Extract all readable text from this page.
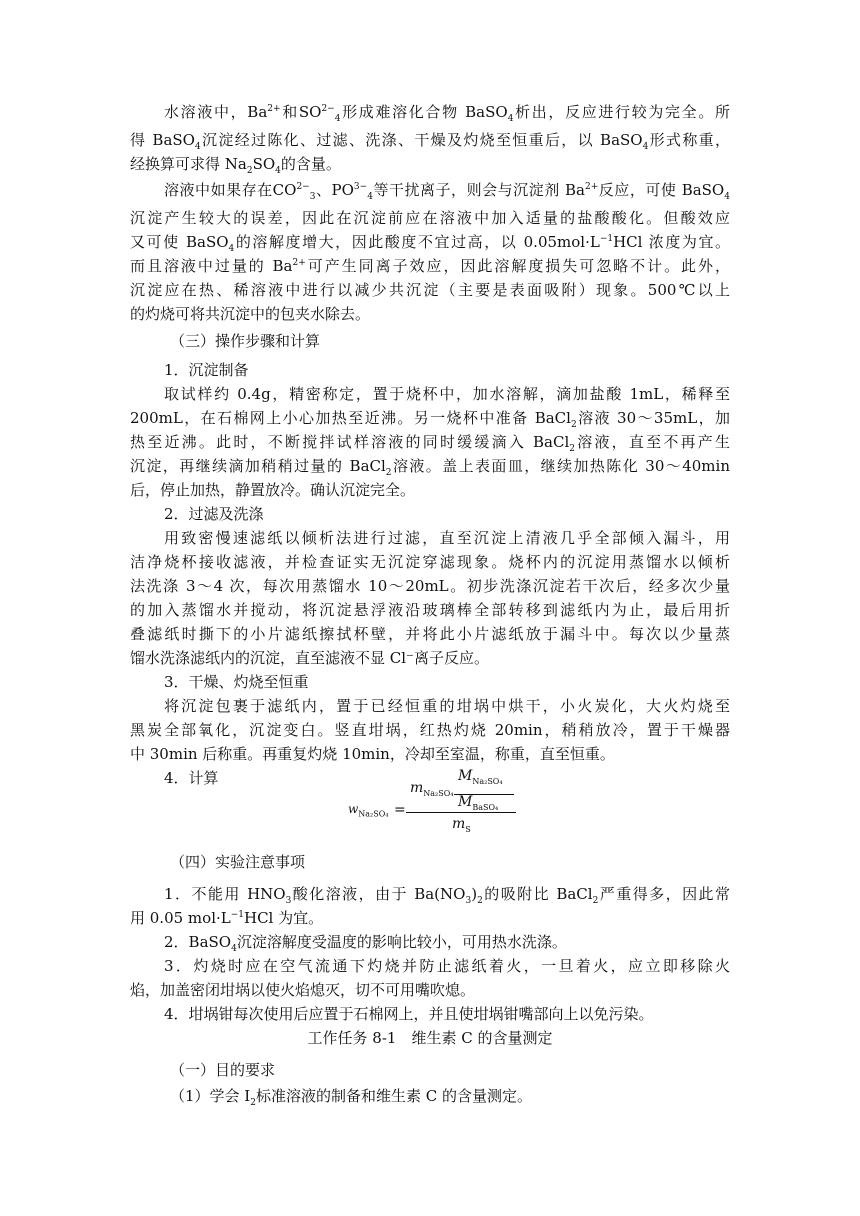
水溶液中，$Ba^{2+}$和$SO^{2-}_4$形成难溶化合物 BaSO$_4$析出，反应进行较为完全。所
得 BaSO$_4$沉淀经过陈化、过滤、洗涤、干燥及灼烧至恒重后，以 BaSO$_4$形式称重，
经换算可求得 $Na_2SO_4$的含量。
溶液中如果存在$CO^{2-}_3$、$PO^{3-}_4$等干扰离子，则会与沉淀剂 $Ba^{2+}$反应，可使 BaSO$_4$
沉淀产生较大的误差，因此在沉淀前应在溶液中加入适量的盐酸酸化。但酸效应
又可使 BaSO$_4$的溶解度增大，因此酸度不宜过高，以 $0.05mol\cdot L^{-1}HCl$ 浓度为宜。
而且溶液中过量的 $Ba^{2+}$可产生同离子效应，因此溶解度损失可忽略不计。此外，
沉淀应在热、稀溶液中进行以减少共沉淀（主要是表面吸附）现象。500℃以上
的灼烧可将共沉淀中的包夹水除去。
（三）操作步骤和计算
1．沉淀制备
取试样约 0.4g，精密称定，置于烧杯中，加水溶解，滴加盐酸 1mL，稀释至
200mL，在石棉网上小心加热至近沸。另一烧杯中准备 BaCl$_2$溶液 30～35mL，加
热至近沸。此时，不断搅拌试样溶液的同时缓缓滴入 BaCl$_2$溶液，直至不再产生
沉淀，再继续滴加稍稍过量的 BaCl$_2$溶液。盖上表面皿，继续加热陈化 30～40min
后，停止加热，静置放冷。确认沉淀完全。
2．过滤及洗涤
用致密慢速滤纸以倾析法进行过滤，直至沉淀上清液几乎全部倾入漏斗，用
洁净烧杯接收滤液，并检查证实无沉淀穿滤现象。烧杯内的沉淀用蒸馏水以倾析
法洗涤 3～4 次，每次用蒸馏水 10～20mL。初步洗涤沉淀若干次后，经多次少量
的加入蒸馏水并搅动，将沉淀悬浮液沿玻璃棒全部转移到滤纸内为止，最后用折
叠滤纸时撕下的小片滤纸擦拭杯壁，并将此小片滤纸放于漏斗中。每次以少量蒸
馏水洗涤滤纸内的沉淀，直至滤液不显 Cl⁻离子反应。
3．干燥、灼烧至恒重
将沉淀包裹于滤纸内，置于已经恒重的坩埚中烘干，小火炭化，大火灼烧至
黑炭全部氧化，沉淀变白。竖直坩埚，红热灼烧 20min，稍稍放冷，置于干燥器
中 30min 后称重。再重复灼烧 10min，冷却至室温，称重，直至恒重。
4．计算	$M_{Na_2SO_4}$
$m_{Na_2SO_4}$
$M_{BaSO_4}$
$w_{Na_2SO_4}$ =
$m_S$
（四）实验注意事项
1．不能用 $HNO_3$酸化溶液，由于 $Ba(NO_3)_2$的吸附比 BaCl$_2$严重得多，因此常
用 0.05 $mol\cdot L^{-1}HCl$ 为宜。
2．BaSO$_4$沉淀溶解度受温度的影响比较小，可用热水洗涤。
3．灼烧时应在空气流通下灼烧并防止滤纸着火，一旦着火，应立即移除火
焰，加盖密闭坩埚以使火焰熄灭，切不可用嘴吹熄。
4．坩埚钳每次使用后应置于石棉网上，并且使坩埚钳嘴部向上以免污染。
工作任务 8-1　维生素 C 的含量测定
（一）目的要求
（1）学会 $I_2$标准溶液的制备和维生素 C 的含量测定。
